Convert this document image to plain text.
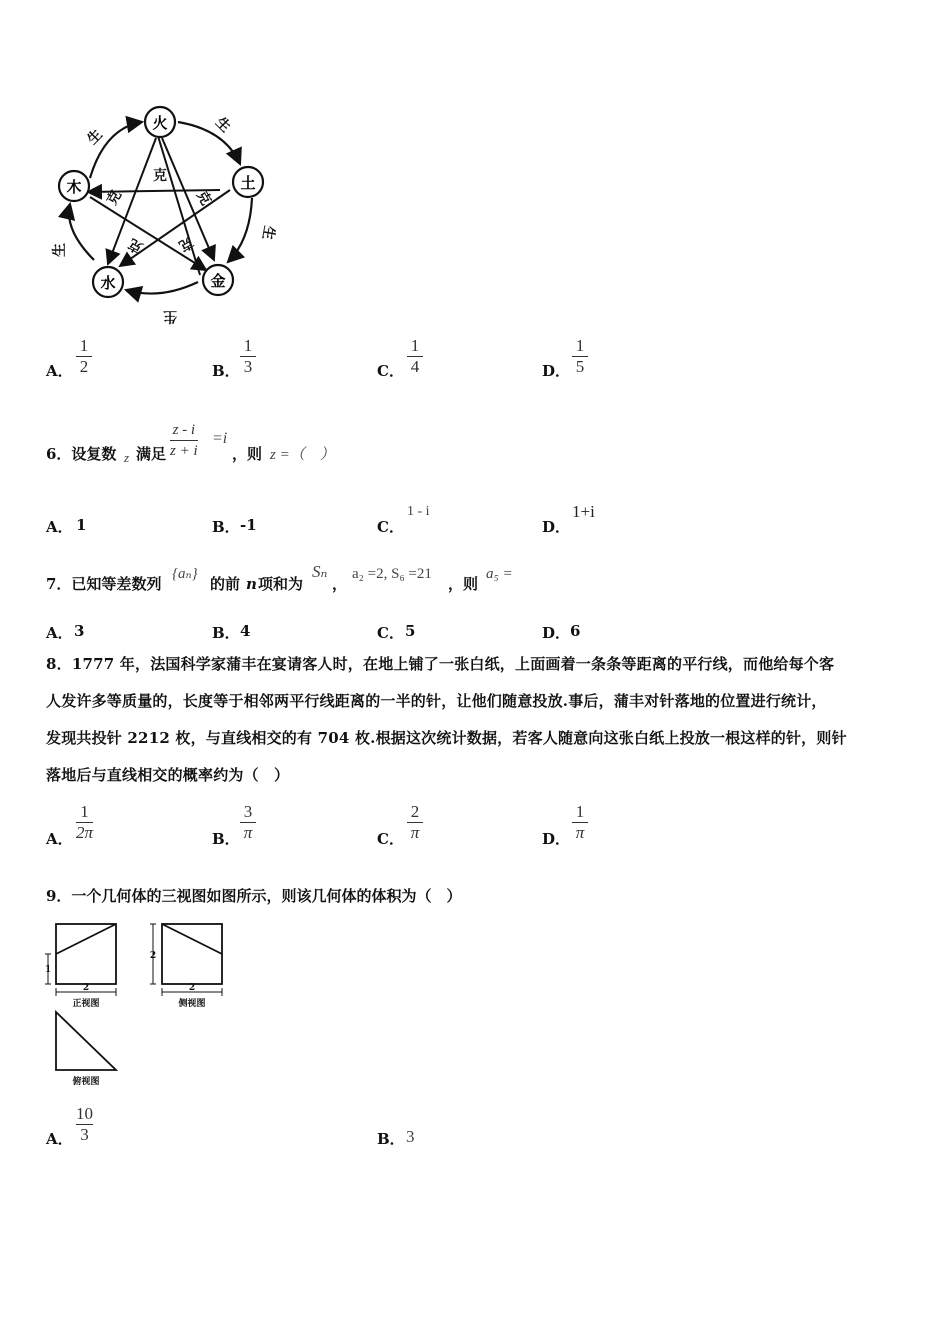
火
土
金
水
木
生
生
生
生
生
克
克	克
克 克
A．
1
2	B．
1
3	C．
1
4	D．
1
5
6．设复数 z 满足
z - i
z + i
=i
，则 z =（　）
A． 1	B． -1	C．
1 - i
D．
1+i
7．已知等差数列
{aₙ}
的前 n 项和为
Sₙ
，
a₂ =2, S₆ =21
，则
a₅ =
A． 3	B． 4	C． 5	D． 6
8．1777 年，法国科学家蒲丰在宴请客人时，在地上铺了一张白纸，上面画着一条条等距离的平行线，而他给每个客
人发许多等质量的，长度等于相邻两平行线距离的一半的针，让他们随意投放.事后，蒲丰对针落地的位置进行统计，
发现共投针 2212 枚，与直线相交的有 704 枚.根据这次统计数据，若客人随意向这张白纸上投放一根这样的针，则针
落地后与直线相交的概率约为（　）
A．
1
2π	B．
3
π	C．
2
π	D．
1
π
9．一个几何体的三视图如图所示，则该几何体的体积为（　）
1
2
2
2
正视图	侧视图
俯视图
A．
10
3	B． 3
